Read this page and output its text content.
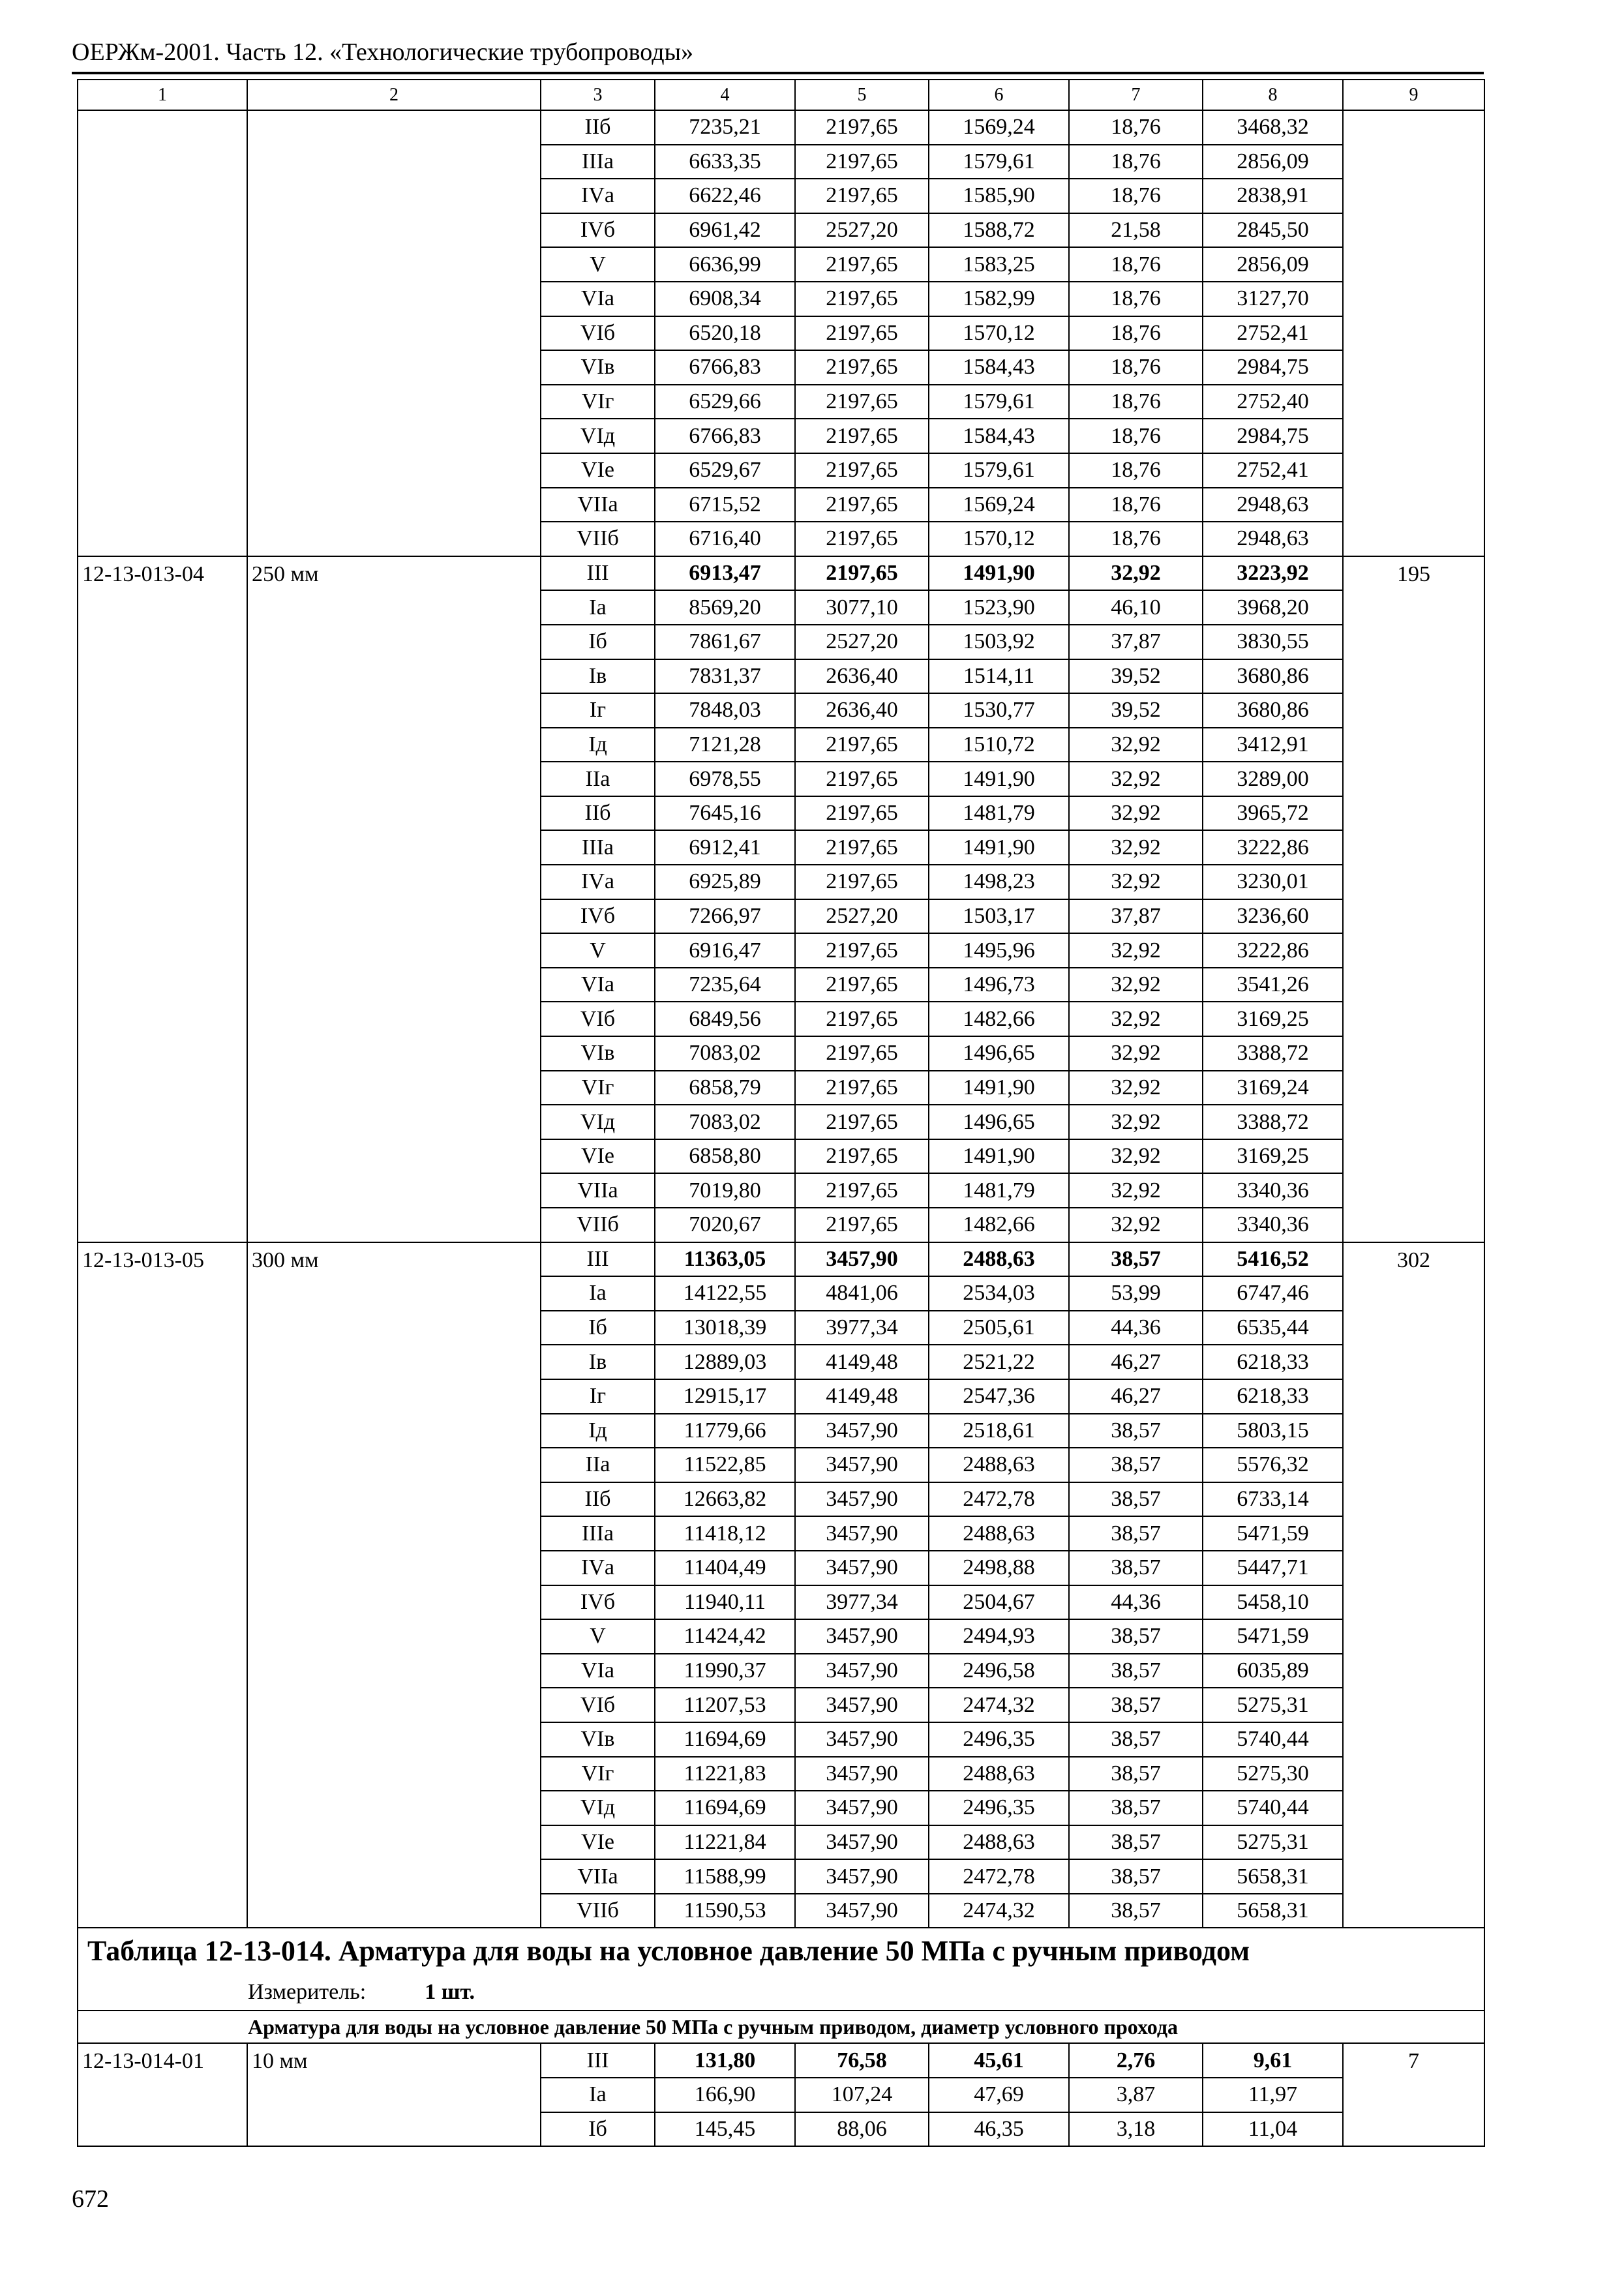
ОЕРЖм-2001. Часть 12. «Технологические трубопроводы»
1	2	3	4	5	6	7	8	9
		IIб	7235,21	2197,65	1569,24	18,76	3468,32	
		IIIа	6633,35	2197,65	1579,61	18,76	2856,09	
		IVа	6622,46	2197,65	1585,90	18,76	2838,91	
		IVб	6961,42	2527,20	1588,72	21,58	2845,50	
		V	6636,99	2197,65	1583,25	18,76	2856,09	
		VIа	6908,34	2197,65	1582,99	18,76	3127,70	
		VIб	6520,18	2197,65	1570,12	18,76	2752,41	
		VIв	6766,83	2197,65	1584,43	18,76	2984,75	
		VIг	6529,66	2197,65	1579,61	18,76	2752,40	
		VIд	6766,83	2197,65	1584,43	18,76	2984,75	
		VIе	6529,67	2197,65	1579,61	18,76	2752,41	
		VIIа	6715,52	2197,65	1569,24	18,76	2948,63	
		VIIб	6716,40	2197,65	1570,12	18,76	2948,63	
12-13-013-04	250 мм	III	6913,47	2197,65	1491,90	32,92	3223,92	195
		Iа	8569,20	3077,10	1523,90	46,10	3968,20	
		Iб	7861,67	2527,20	1503,92	37,87	3830,55	
		Iв	7831,37	2636,40	1514,11	39,52	3680,86	
		Iг	7848,03	2636,40	1530,77	39,52	3680,86	
		Iд	7121,28	2197,65	1510,72	32,92	3412,91	
		IIа	6978,55	2197,65	1491,90	32,92	3289,00	
		IIб	7645,16	2197,65	1481,79	32,92	3965,72	
		IIIа	6912,41	2197,65	1491,90	32,92	3222,86	
		IVа	6925,89	2197,65	1498,23	32,92	3230,01	
		IVб	7266,97	2527,20	1503,17	37,87	3236,60	
		V	6916,47	2197,65	1495,96	32,92	3222,86	
		VIа	7235,64	2197,65	1496,73	32,92	3541,26	
		VIб	6849,56	2197,65	1482,66	32,92	3169,25	
		VIв	7083,02	2197,65	1496,65	32,92	3388,72	
		VIг	6858,79	2197,65	1491,90	32,92	3169,24	
		VIд	7083,02	2197,65	1496,65	32,92	3388,72	
		VIе	6858,80	2197,65	1491,90	32,92	3169,25	
		VIIа	7019,80	2197,65	1481,79	32,92	3340,36	
		VIIб	7020,67	2197,65	1482,66	32,92	3340,36	
12-13-013-05	300 мм	III	11363,05	3457,90	2488,63	38,57	5416,52	302
		Iа	14122,55	4841,06	2534,03	53,99	6747,46	
		Iб	13018,39	3977,34	2505,61	44,36	6535,44	
		Iв	12889,03	4149,48	2521,22	46,27	6218,33	
		Iг	12915,17	4149,48	2547,36	46,27	6218,33	
		Iд	11779,66	3457,90	2518,61	38,57	5803,15	
		IIа	11522,85	3457,90	2488,63	38,57	5576,32	
		IIб	12663,82	3457,90	2472,78	38,57	6733,14	
		IIIа	11418,12	3457,90	2488,63	38,57	5471,59	
		IVа	11404,49	3457,90	2498,88	38,57	5447,71	
		IVб	11940,11	3977,34	2504,67	44,36	5458,10	
		V	11424,42	3457,90	2494,93	38,57	5471,59	
		VIа	11990,37	3457,90	2496,58	38,57	6035,89	
		VIб	11207,53	3457,90	2474,32	38,57	5275,31	
		VIв	11694,69	3457,90	2496,35	38,57	5740,44	
		VIг	11221,83	3457,90	2488,63	38,57	5275,30	
		VIд	11694,69	3457,90	2496,35	38,57	5740,44	
		VIе	11221,84	3457,90	2488,63	38,57	5275,31	
		VIIа	11588,99	3457,90	2472,78	38,57	5658,31	
		VIIб	11590,53	3457,90	2474,32	38,57	5658,31	
Таблица 12-13-014. Арматура для воды на условное давление 50 МПа с ручным приводом								
Измеритель: 1 шт.								
Арматура для воды на условное давление 50 МПа с ручным приводом, диаметр условного прохода								
12-13-014-01	10 мм	III	131,80	76,58	45,61	2,76	9,61	7
		Iа	166,90	107,24	47,69	3,87	11,97	
		Iб	145,45	88,06	46,35	3,18	11,04	
672
